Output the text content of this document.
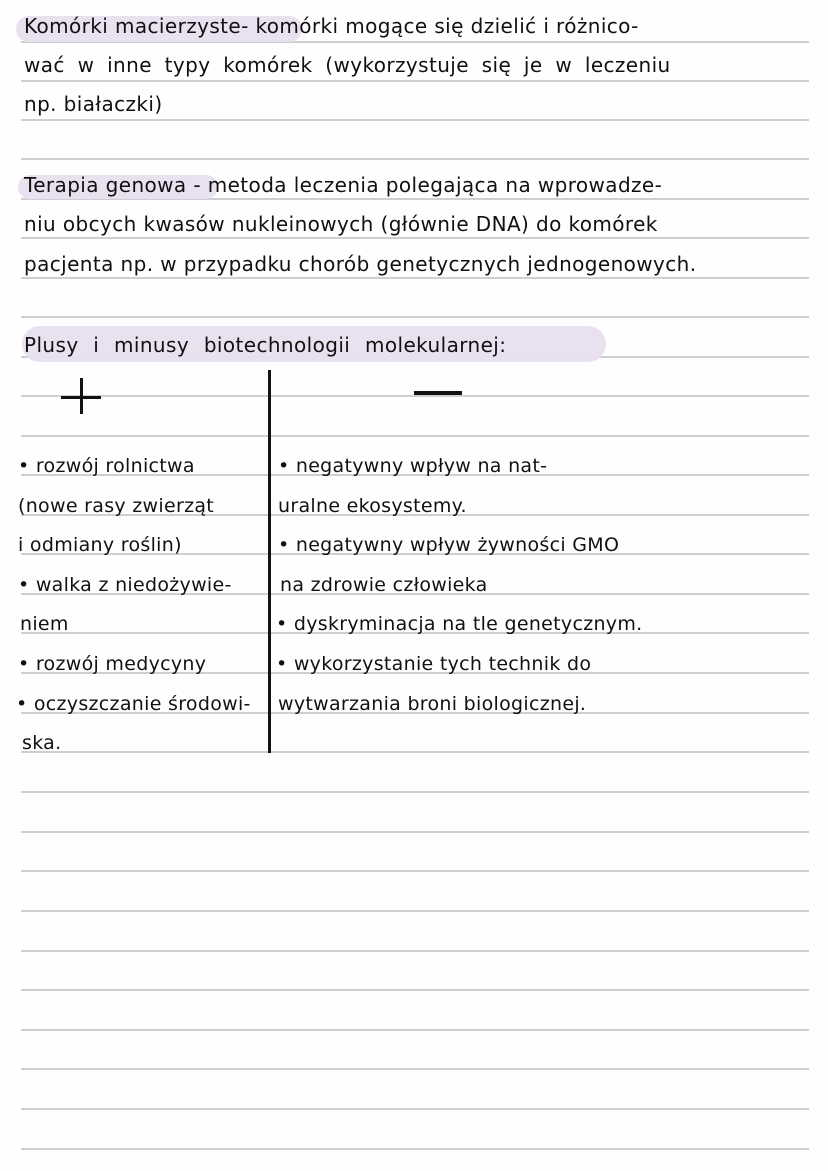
Komórki macierzyste- komórki mogące się dzielić i różnico-
wać w inne typy komórek (wykorzystuje się je w leczeniu
np. białaczki)
Terapia genowa - metoda leczenia polegająca na wprowadze-
niu obcych kwasów nukleinowych (głównie DNA) do komórek
pacjenta np. w przypadku chorób genetycznych jednogenowych.
Plusy i minusy biotechnologii molekularnej:
• rozwój rolnictwa
(nowe rasy zwierząt
i odmiany roślin)
• walka z niedożywie-
niem
• rozwój medycyny
• oczyszczanie środowi-
ska.
• negatywny wpływ na nat-
uralne ekosystemy.
• negatywny wpływ żywności GMO
na zdrowie człowieka
• dyskryminacja na tle genetycznym.
• wykorzystanie tych technik do
wytwarzania broni biologicznej.
